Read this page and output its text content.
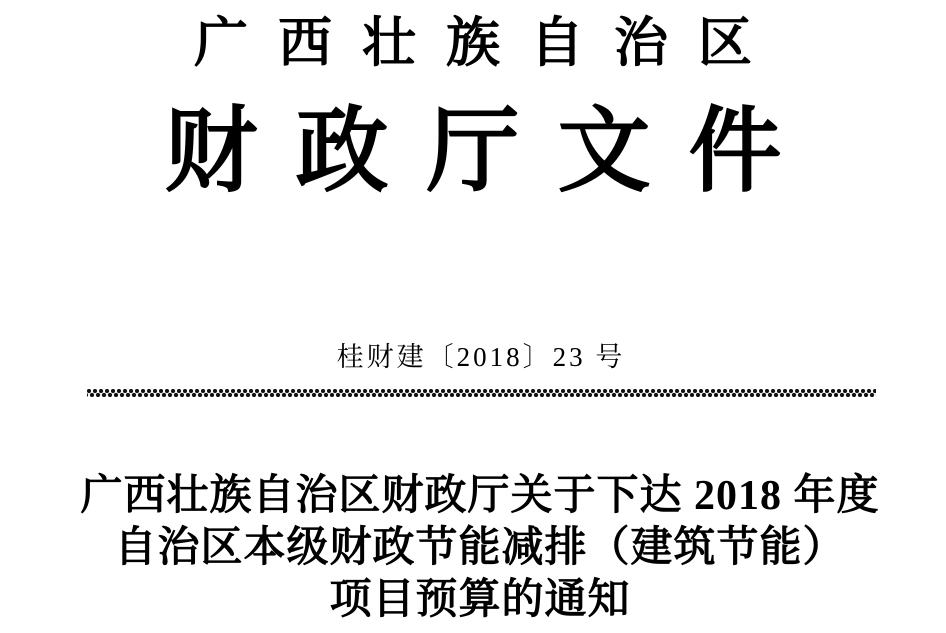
广西壮族自治区
财政厅文件
桂财建〔2018〕23 号
广西壮族自治区财政厅关于下达 2018 年度
自治区本级财政节能减排（建筑节能）
项目预算的通知
